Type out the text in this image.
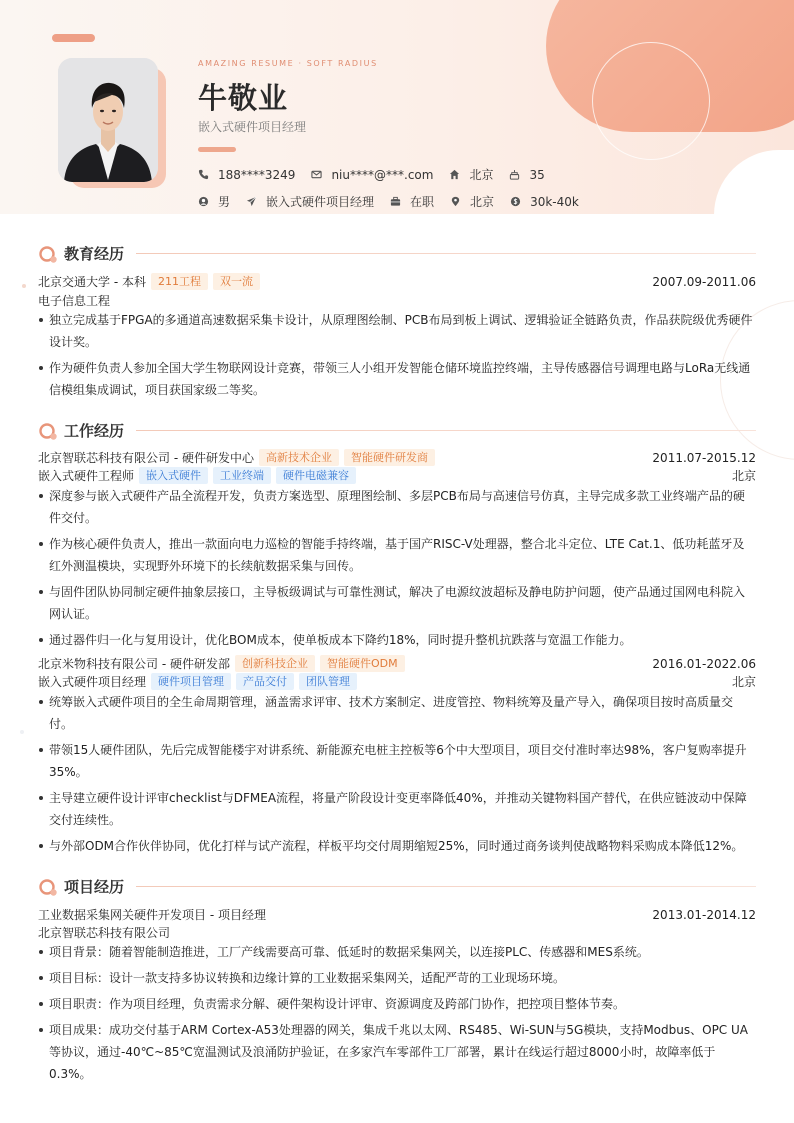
AMAZING RESUME · SOFT RADIUS
牛敬业
嵌入式硬件项目经理
188****3249	niu****@***.com	北京	35
男	嵌入式硬件项目经理	在职	北京	30k-40k
教育经历
北京交通大学 - 本科	211工程	双一流	2007.09-2011.06
电子信息工程
独立完成基于FPGA的多通道高速数据采集卡设计，从原理图绘制、PCB布局到板上调试、逻辑验证全链路负责，作品获院级优秀硬件设计奖。
作为硬件负责人参加全国大学生物联网设计竞赛，带领三人小组开发智能仓储环境监控终端，主导传感器信号调理电路与LoRa无线通信模组集成调试，项目获国家级二等奖。
工作经历
北京智联芯科技有限公司 - 硬件研发中心	高新技术企业	智能硬件研发商	2011.07-2015.12
嵌入式硬件工程师	嵌入式硬件	工业终端	硬件电磁兼容	北京
深度参与嵌入式硬件产品全流程开发，负责方案选型、原理图绘制、多层PCB布局与高速信号仿真，主导完成多款工业终端产品的硬件交付。
作为核心硬件负责人，推出一款面向电力巡检的智能手持终端，基于国产RISC-V处理器，整合北斗定位、LTE Cat.1、低功耗蓝牙及红外测温模块，实现野外环境下的长续航数据采集与回传。
与固件团队协同制定硬件抽象层接口，主导板级调试与可靠性测试，解决了电源纹波超标及静电防护问题，使产品通过国网电科院入网认证。
通过器件归一化与复用设计，优化BOM成本，使单板成本下降约18%，同时提升整机抗跌落与宽温工作能力。
北京米物科技有限公司 - 硬件研发部	创新科技企业	智能硬件ODM	2016.01-2022.06
嵌入式硬件项目经理	硬件项目管理	产品交付	团队管理	北京
统筹嵌入式硬件项目的全生命周期管理，涵盖需求评审、技术方案制定、进度管控、物料统筹及量产导入，确保项目按时高质量交付。
带领15人硬件团队，先后完成智能楼宇对讲系统、新能源充电桩主控板等6个中大型项目，项目交付准时率达98%，客户复购率提升35%。
主导建立硬件设计评审checklist与DFMEA流程，将量产阶段设计变更率降低40%，并推动关键物料国产替代，在供应链波动中保障交付连续性。
与外部ODM合作伙伴协同，优化打样与试产流程，样板平均交付周期缩短25%，同时通过商务谈判使战略物料采购成本降低12%。
项目经历
工业数据采集网关硬件开发项目 - 项目经理	2013.01-2014.12
北京智联芯科技有限公司
项目背景：随着智能制造推进，工厂产线需要高可靠、低延时的数据采集网关，以连接PLC、传感器和MES系统。
项目目标：设计一款支持多协议转换和边缘计算的工业数据采集网关，适配严苛的工业现场环境。
项目职责：作为项目经理，负责需求分解、硬件架构设计评审、资源调度及跨部门协作，把控项目整体节奏。
项目成果：成功交付基于ARM Cortex-A53处理器的网关，集成千兆以太网、RS485、Wi-SUN与5G模块，支持Modbus、OPC UA等协议，通过-40℃~85℃宽温测试及浪涌防护验证，在多家汽车零部件工厂部署，累计在线运行超过8000小时，故障率低于0.3%。
